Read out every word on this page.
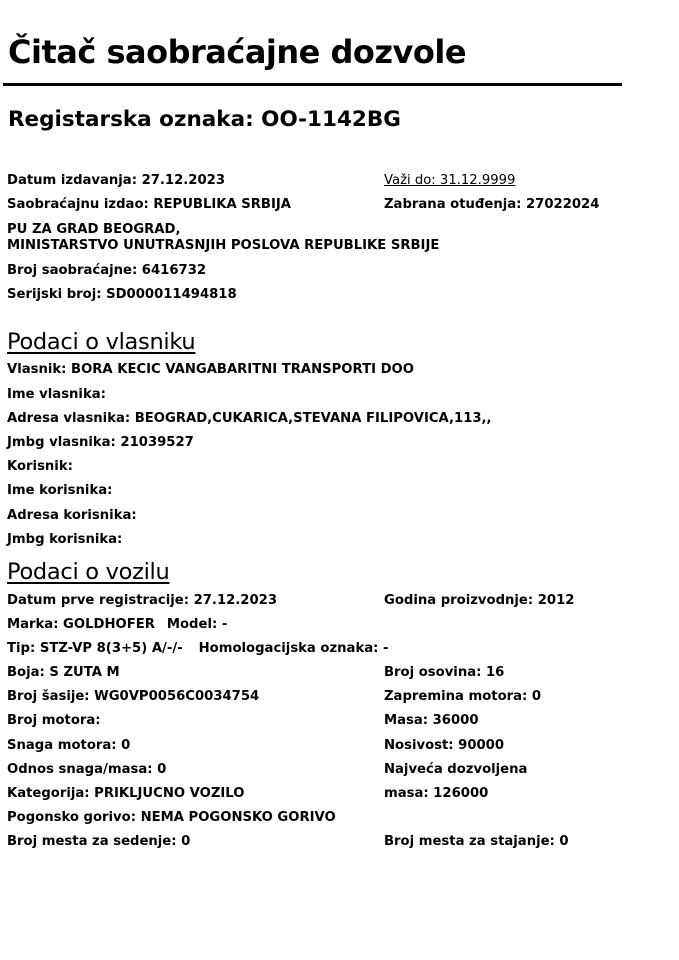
Čitač saobraćajne dozvole
Registarska oznaka: OO-1142BG
Datum izdavanja: 27.12.2023	Važi do: 31.12.9999
Saobraćajnu izdao: REPUBLIKA SRBIJA	Zabrana otuđenja: 27022024
PU ZA GRAD BEOGRAD,
MINISTARSTVO UNUTRASNJIH POSLOVA REPUBLIKE SRBIJE
Broj saobraćajne: 6416732
Serijski broj: SD000011494818
Podaci o vlasniku
Vlasnik: BORA KECIC VANGABARITNI TRANSPORTI DOO
Ime vlasnika:
Adresa vlasnika: BEOGRAD,CUKARICA,STEVANA FILIPOVICA,113,,
Jmbg vlasnika: 21039527
Korisnik:
Ime korisnika:
Adresa korisnika:
Jmbg korisnika:
Podaci o vozilu
Datum prve registracije: 27.12.2023	Godina proizvodnje: 2012
Marka: GOLDHOFER Model: -
Tip: STZ-VP 8(3+5) A/-/- Homologacijska oznaka: -
Boja: S ZUTA M	Broj osovina: 16
Broj šasije: WG0VP0056C0034754	Zapremina motora: 0
Broj motora:	Masa: 36000
Snaga motora: 0	Nosivost: 90000
Odnos snaga/masa: 0	Najveća dozvoljena
Kategorija: PRIKLJUCNO VOZILO	masa: 126000
Pogonsko gorivo: NEMA POGONSKO GORIVO
Broj mesta za sedenje: 0	Broj mesta za stajanje: 0
